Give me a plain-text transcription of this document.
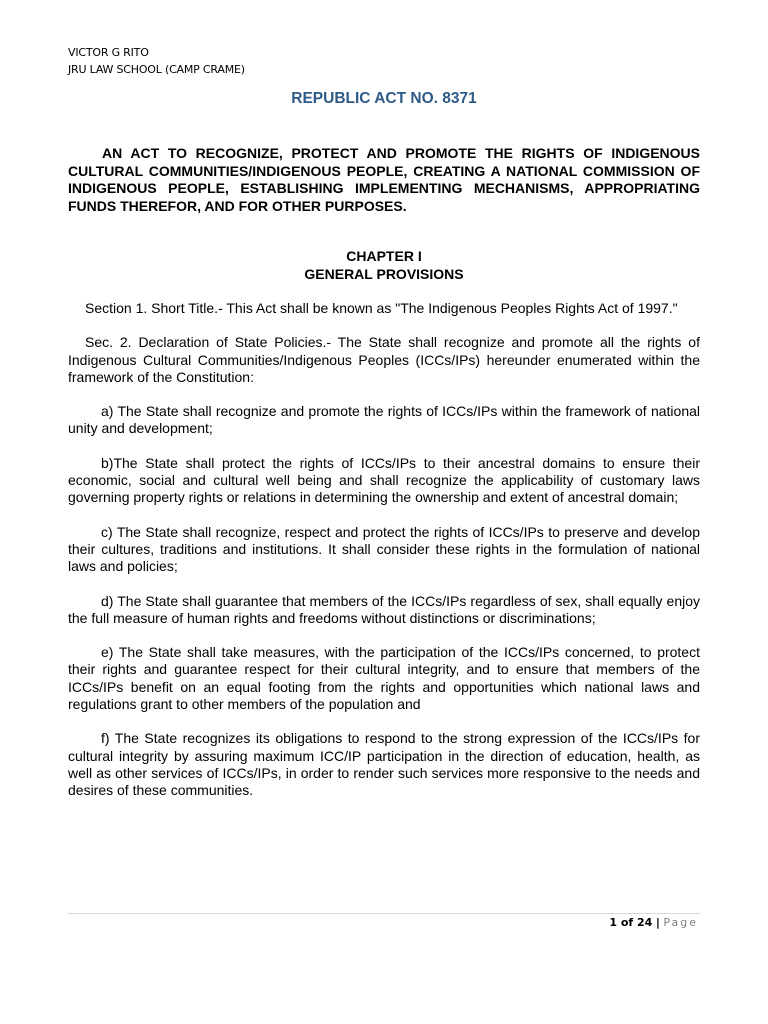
VICTOR G RITO
JRU LAW SCHOOL (CAMP CRAME)
REPUBLIC ACT NO. 8371
AN ACT TO RECOGNIZE, PROTECT AND PROMOTE THE RIGHTS OF INDIGENOUS CULTURAL COMMUNITIES/INDIGENOUS PEOPLE, CREATING A NATIONAL COMMISSION OF INDIGENOUS PEOPLE, ESTABLISHING IMPLEMENTING MECHANISMS, APPROPRIATING FUNDS THEREFOR, AND FOR OTHER PURPOSES.
CHAPTER I
GENERAL PROVISIONS

Section 1. Short Title.- This Act shall be known as "The Indigenous Peoples Rights Act of 1997."

Sec. 2. Declaration of State Policies.- The State shall recognize and promote all the rights of Indigenous Cultural Communities/Indigenous Peoples (ICCs/IPs) hereunder enumerated within the framework of the Constitution:

a) The State shall recognize and promote the rights of ICCs/IPs within the framework of national unity and development;

b)The State shall protect the rights of ICCs/IPs to their ancestral domains to ensure their economic, social and cultural well being and shall recognize the applicability of customary laws governing property rights or relations in determining the ownership and extent of ancestral domain;

c) The State shall recognize, respect and protect the rights of ICCs/IPs to preserve and develop their cultures, traditions and institutions. It shall consider these rights in the formulation of national laws and policies;

d) The State shall guarantee that members of the ICCs/IPs regardless of sex, shall equally enjoy the full measure of human rights and freedoms without distinctions or discriminations;

e) The State shall take measures, with the participation of the ICCs/IPs concerned, to protect their rights and guarantee respect for their cultural integrity, and to ensure that members of the ICCs/IPs benefit on an equal footing from the rights and opportunities which national laws and regulations grant to other members of the population and

f) The State recognizes its obligations to respond to the strong expression of the ICCs/IPs for cultural integrity by assuring maximum ICC/IP participation in the direction of education, health, as well as other services of ICCs/IPs, in order to render such services more responsive to the needs and desires of these communities.

1 of 24 | Page
